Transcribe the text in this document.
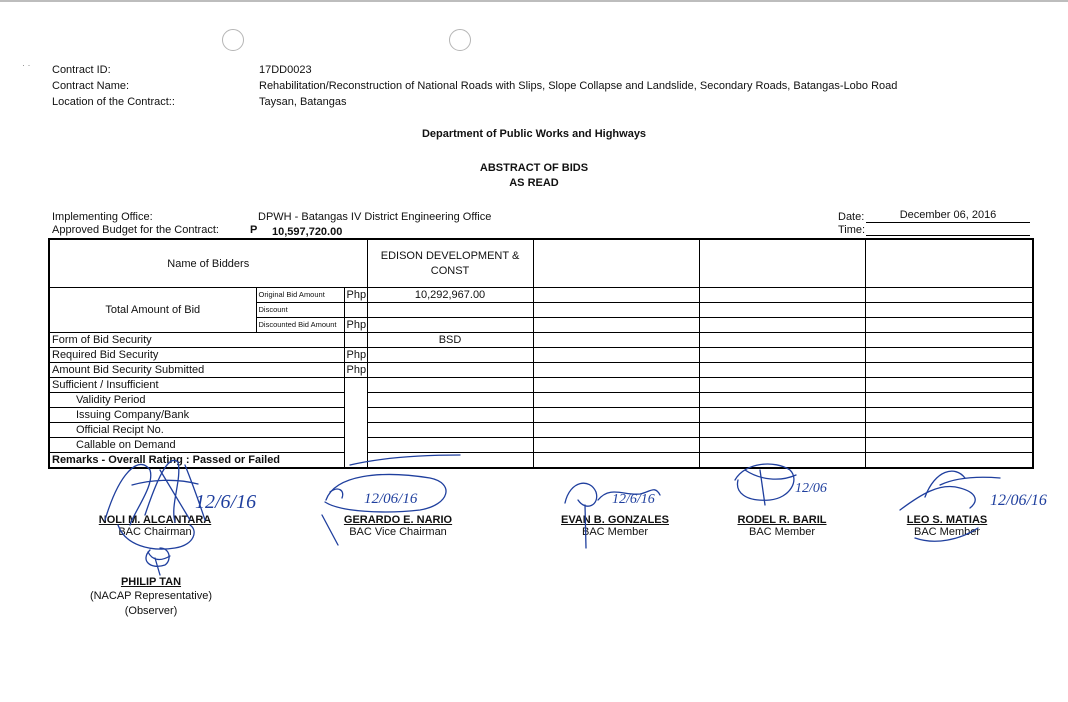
· · Contract ID:	17DD0023
Contract Name:	Rehabilitation/Reconstruction of National Roads with Slips, Slope Collapse and Landslide, Secondary Roads, Batangas-Lobo Road
Location of the Contract::	Taysan, Batangas
Department of Public Works and Highways
ABSTRACT OF BIDS
AS READ
Implementing Office:	DPWH - Batangas IV District Engineering Office
Approved Budget for the Contract:	P 10,597,720.00
Date:	December 06, 2016
Time:
Name of Bidders			EDISON DEVELOPMENT & CONST			
Total Amount of Bid	Original Bid Amount	Php	10,292,967.00			
	Discount					
	Discounted Bid Amount	Php				
Form of Bid Security			BSD			
Required Bid Security		Php				
Amount Bid Security Submitted		Php				
Sufficient / Insufficient						
Validity Period						
Issuing Company/Bank						
Official Recipt No.						
Callable on Demand						
Remarks - Overall Rating : Passed or Failed						
NOLI M. ALCANTARA
BAC Chairman
GERARDO E. NARIO
BAC Vice Chairman
EVAN B. GONZALES
BAC Member
RODEL R. BARIL
BAC Member
LEO S. MATIAS
BAC Member
PHILIP TAN
(NACAP Representative)
(Observer)
12/6/16	12/06/16	12/6/16
12/06
12/06/16
